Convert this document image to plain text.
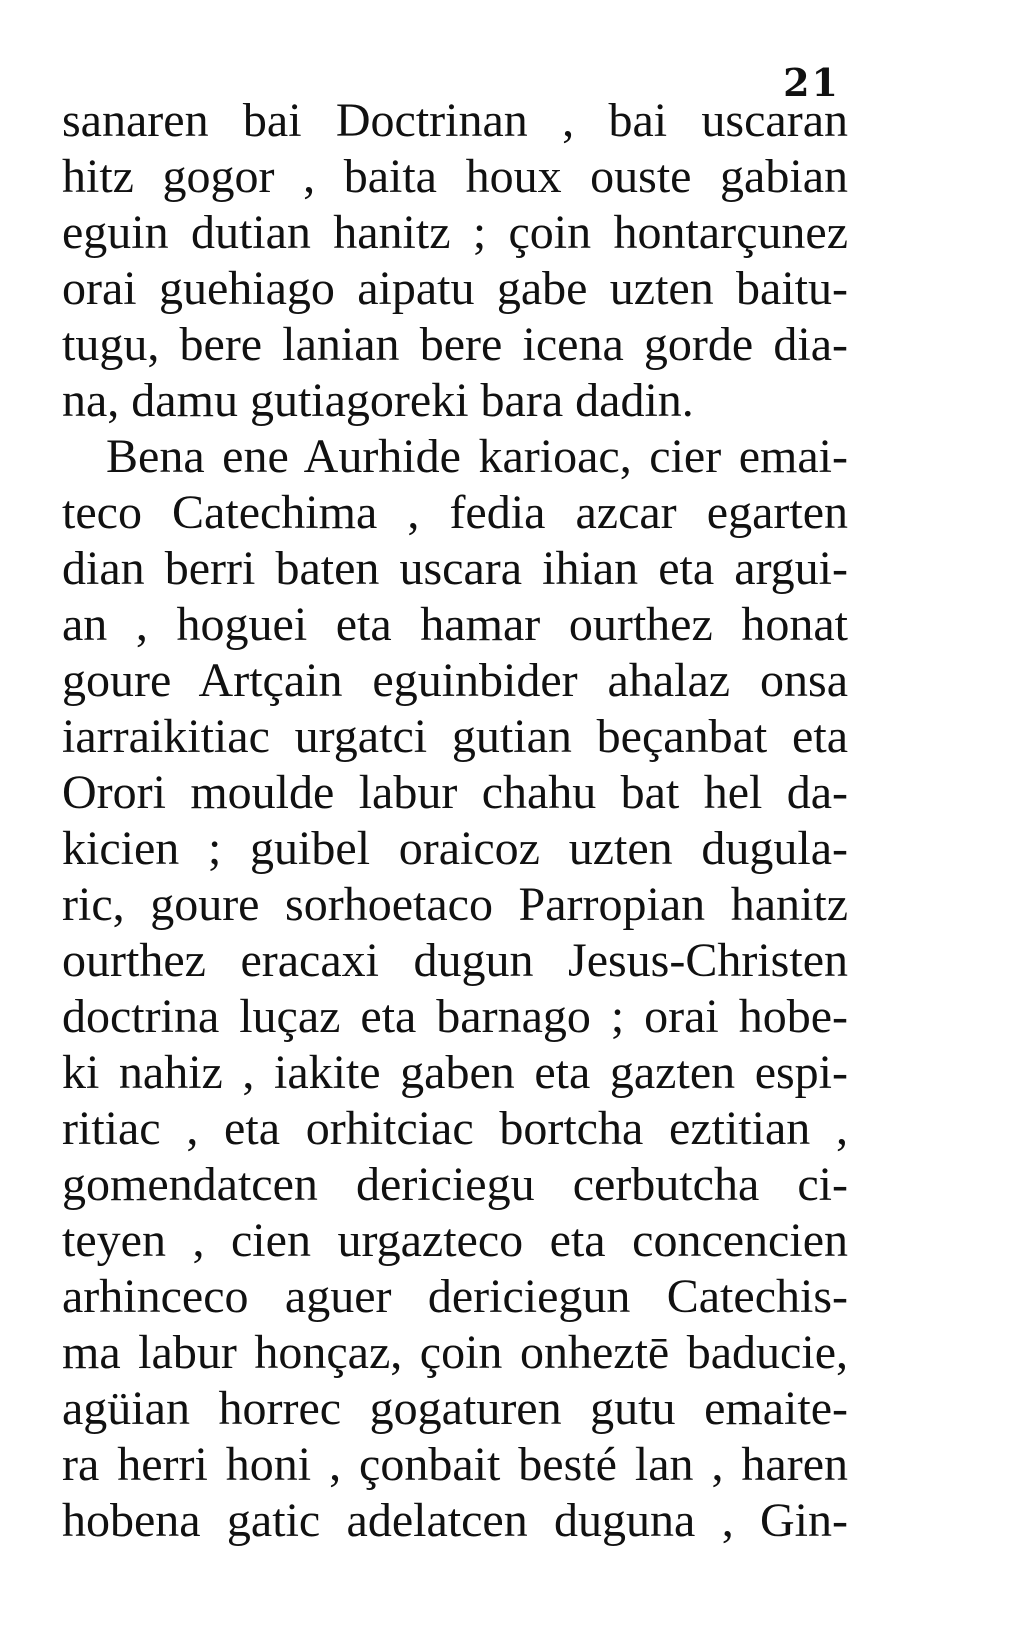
21
sanaren bai Doctrinan , bai uscaran
hitz gogor , baita houx ouste gabian
eguin dutian hanitz ; çoin hontarçunez
orai guehiago aipatu gabe uzten baitu-
tugu, bere lanian bere icena gorde dia-
na, damu gutiagoreki bara dadin.
Bena ene Aurhide karioac, cier emai-
teco Catechima , fedia azcar egarten
dian berri baten uscara ihian eta argui-
an , hoguei eta hamar ourthez honat
goure Artçain eguinbider ahalaz onsa
iarraikitiac urgatci gutian beçanbat eta
Orori moulde labur chahu bat hel da-
kicien ; guibel oraicoz uzten dugula-
ric, goure sorhoetaco Parropian hanitz
ourthez eracaxi dugun Jesus-Christen
doctrina luçaz eta barnago ; orai hobe-
ki nahiz , iakite gaben eta gazten espi-
ritiac , eta orhitciac bortcha eztitian ,
gomendatcen dericiegu cerbutcha ci-
teyen , cien urgazteco eta concencien
arhinceco aguer dericiegun Catechis-
ma labur honçaz, çoin onheztē baducie,
agüian horrec gogaturen gutu emaite-
ra herri honi , çonbait besté lan , haren
hobena gatic adelatcen duguna , Gin-
